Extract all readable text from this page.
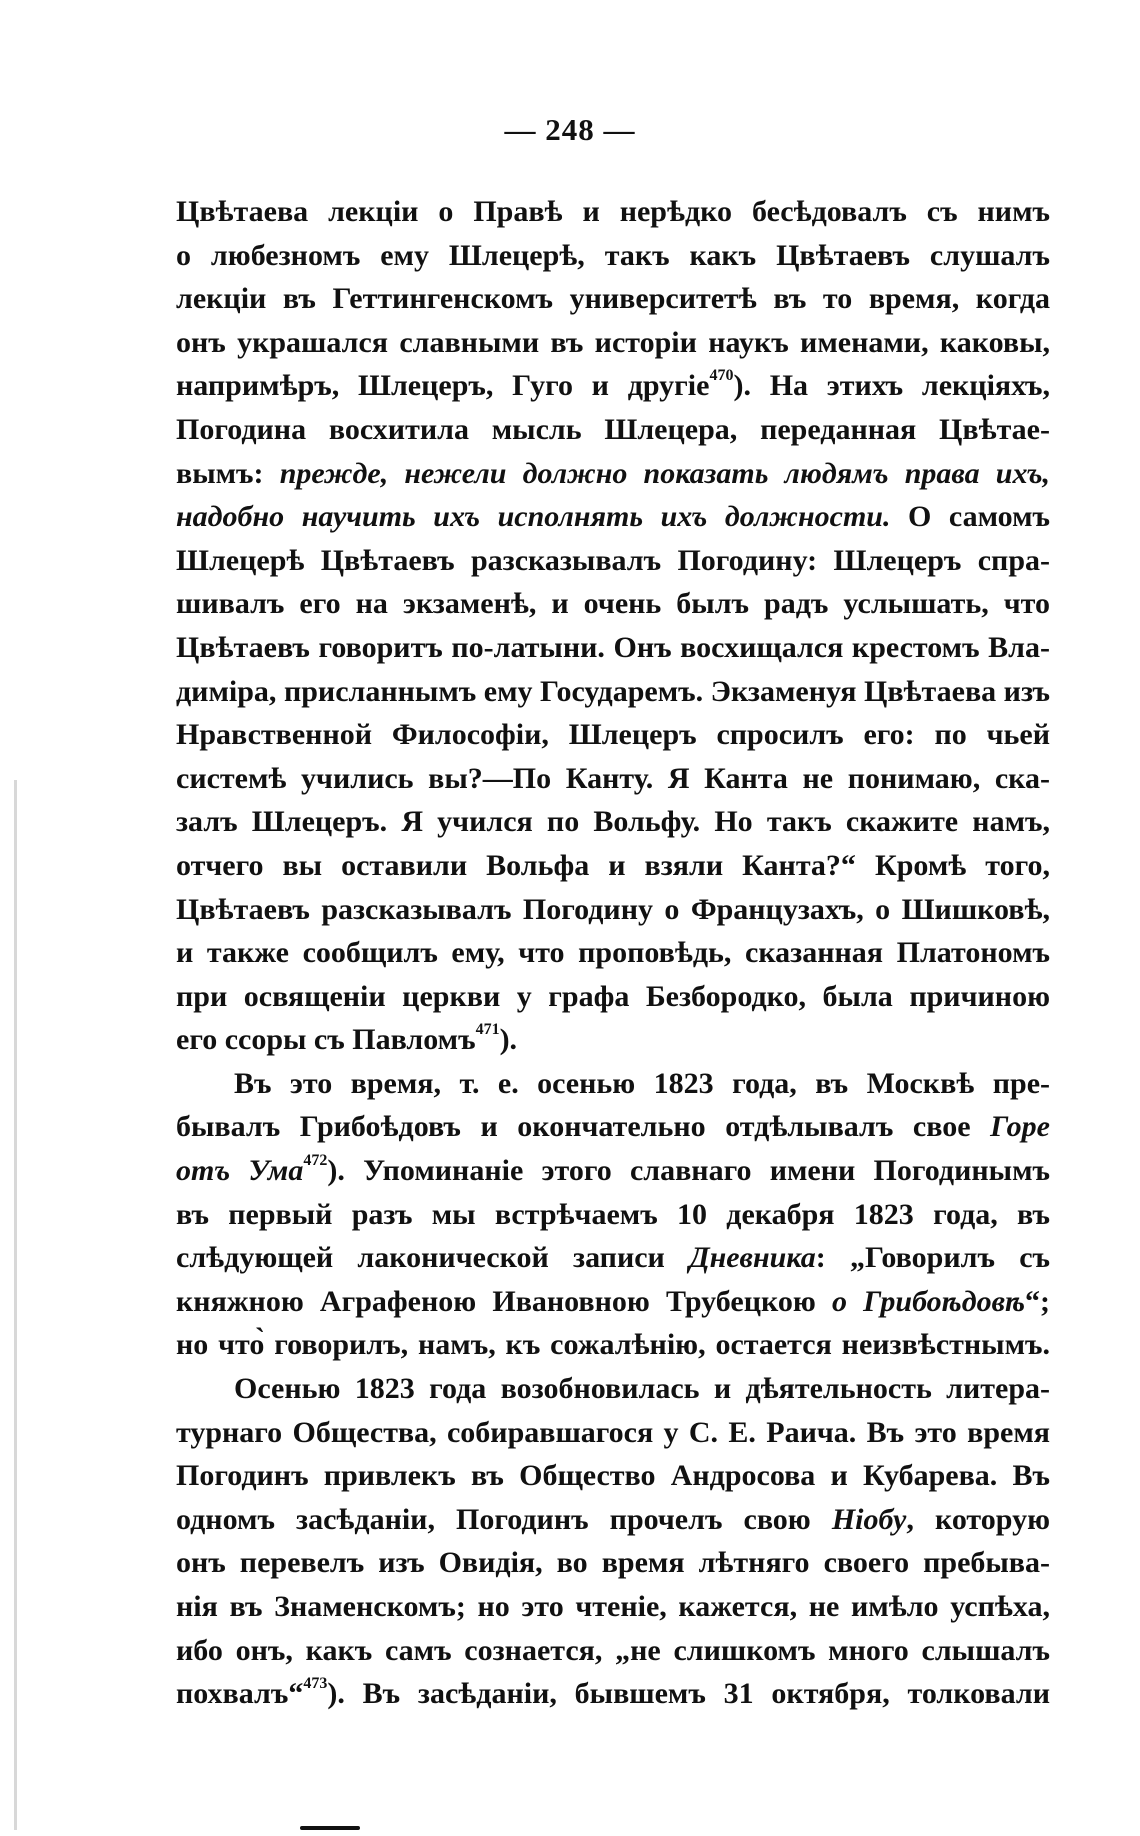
— 248 —
Цвѣтаева лекціи о Правѣ и нерѣдко бесѣдовалъ съ нимъ
о любезномъ ему Шлецерѣ, такъ какъ Цвѣтаевъ слушалъ
лекціи въ Геттингенскомъ университетѣ въ то время, когда
онъ украшался славными въ исторіи наукъ именами, каковы,
напримѣръ, Шлецеръ, Гуго и другіе$^{470}$). На этихъ лекціяхъ,
Погодина восхитила мысль Шлецера, переданная Цвѣтае-
вымъ: прежде, нежели должно показать людямъ права ихъ,
надобно научить ихъ исполнять ихъ должности. О самомъ
Шлецерѣ Цвѣтаевъ разсказывалъ Погодину: Шлецеръ спра-
шивалъ его на экзаменѣ, и очень былъ радъ услышать, что
Цвѣтаевъ говоритъ по-латыни. Онъ восхищался крестомъ Вла-
диміра, присланнымъ ему Государемъ. Экзаменуя Цвѣтаева изъ
Нравственной Философіи, Шлецеръ спросилъ его: по чьей
системѣ учились вы?—По Канту. Я Канта не понимаю, ска-
залъ Шлецеръ. Я учился по Вольфу. Но такъ скажите намъ,
отчего вы оставили Вольфа и взяли Канта?“ Кромѣ того,
Цвѣтаевъ разсказывалъ Погодину о Французахъ, о Шишковѣ,
и также сообщилъ ему, что проповѣдь, сказанная Платономъ
при освященіи церкви у графа Безбородко, была причиною
его ссоры съ Павломъ$^{471}$).
Въ это время, т. е. осенью 1823 года, въ Москвѣ пре-
бывалъ Грибоѣдовъ и окончательно отдѣлывалъ свое Горе
отъ Ума$^{472}$). Упоминаніе этого славнаго имени Погодинымъ
въ первый разъ мы встрѣчаемъ 10 декабря 1823 года, въ
слѣдующей лаконической записи Дневника: „Говорилъ съ
княжною Аграфеною Ивановною Трубецкою о Грибоѣдовѣ“;
но что̀ говорилъ, намъ, къ сожалѣнію, остается неизвѣстнымъ.
Осенью 1823 года возобновилась и дѣятельность литера-
турнаго Общества, собиравшагося у С. Е. Раича. Въ это время
Погодинъ привлекъ въ Общество Андросова и Кубарева. Въ
одномъ засѣданіи, Погодинъ прочелъ свою Ніобу, которую
онъ перевелъ изъ Овидія, во время лѣтняго своего пребыва-
нія въ Знаменскомъ; но это чтеніе, кажется, не имѣло успѣха,
ибо онъ, какъ самъ сознается, „не слишкомъ много слышалъ
похвалъ“$^{473}$). Въ засѣданіи, бывшемъ 31 октября, толковали
